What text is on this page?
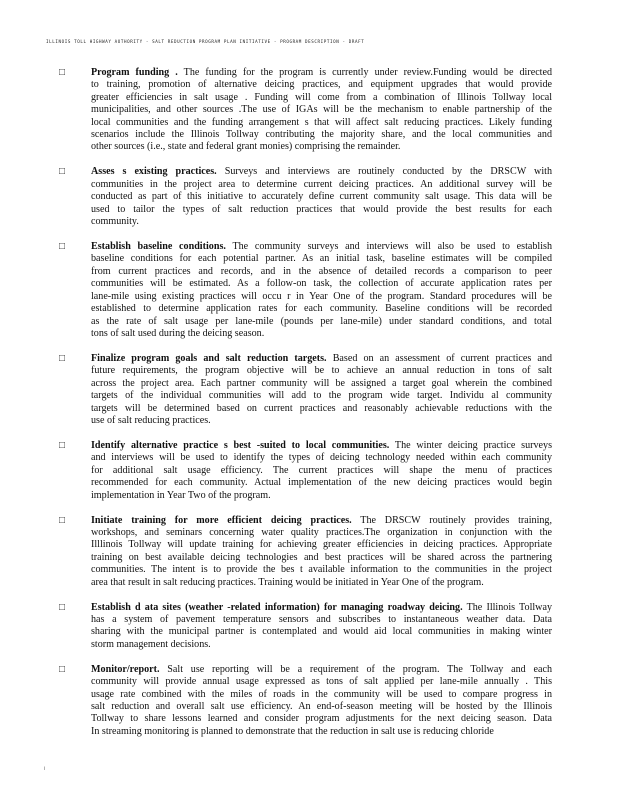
ILLINOIS TOLL HIGHWAY AUTHORITY - SALT REDUCTION PROGRAM PLAN INITIATIVE - PROGRAM DESCRIPTION - DRAFT
□	Program funding . The funding for the program is currently under review.Funding would be directed
to training, promotion of alternative deicing practices, and equipment upgrades that would provide
greater efficiencies in salt usage . Funding will come from a combination of Illinois Tollway local
municipalities, and other sources .The use of IGAs will be the mechanism to enable partnership of the
local communities and the funding arrangement s that will affect salt reducing practices. Likely funding
scenarios include the Illinois Tollway contributing the majority share, and the local communities and
other sources (i.e., state and federal grant monies) comprising the remainder.
□	Asses s existing practices. Surveys and interviews are routinely conducted by the DRSCW with
communities in the project area to determine current deicing practices. An additional survey will be
conducted as part of this initiative to accurately define current community salt usage. This data will be
used to tailor the types of salt reduction practices that would provide the best results for each
community.
□	Establish baseline conditions. The community surveys and interviews will also be used to establish
baseline conditions for each potential partner. As an initial task, baseline estimates will be compiled
from current practices and records, and in the absence of detailed records a comparison to peer
communities will be estimated. As a follow-on task, the collection of accurate application rates per
lane-mile using existing practices will occu r in Year One of the program. Standard procedures will be
established to determine application rates for each community. Baseline conditions will be recorded
as the rate of salt usage per lane-mile (pounds per lane-mile) under standard conditions, and total
tons of salt used during the deicing season.
□	Finalize program goals and salt reduction targets. Based on an assessment of current practices and
future requirements, the program objective will be to achieve an annual reduction in tons of salt
across the project area. Each partner community will be assigned a target goal wherein the combined
targets of the individual communities will add to the program wide target. Individu al community
targets will be determined based on current practices and reasonably achievable reductions with the
use of salt reducing practices.
□	Identify alternative practice s best -suited to local communities. The winter deicing practice surveys
and interviews will be used to identify the types of deicing technology needed within each community
for additional salt usage efficiency. The current practices will shape the menu of practices
recommended for each community. Actual implementation of the new deicing practices would begin
implementation in Year Two of the program.
□	Initiate training for more efficient deicing practices. The DRSCW routinely provides training,
workshops, and seminars concerning water quality practices.The organization in conjunction with the
Illlinois Tollway will update training for achieving greater efficiencies in deicing practices. Appropriate
training on best available deicing technologies and best practices will be shared across the partnering
communities. The intent is to provide the bes t available information to the communities in the project
area that result in salt reducing practices. Training would be initiated in Year One of the program.
□	Establish d ata sites (weather -related information) for managing roadway deicing. The Illinois Tollway
has a system of pavement temperature sensors and subscribes to instantaneous weather data. Data
sharing with the municipal partner is contemplated and would aid local communities in making winter
storm management decisions.
□	Monitor/report. Salt use reporting will be a requirement of the program. The Tollway and each
community will provide annual usage expressed as tons of salt applied per lane-mile annually . This
usage rate combined with the miles of roads in the community will be used to compare progress in
salt reduction and overall salt use efficiency. An end-of-season meeting will be hosted by the Illinois
Tollway to share lessons learned and consider program adjustments for the next deicing season. Data
In streaming monitoring is planned to demonstrate that the reduction in salt use is reducing chloride
i
